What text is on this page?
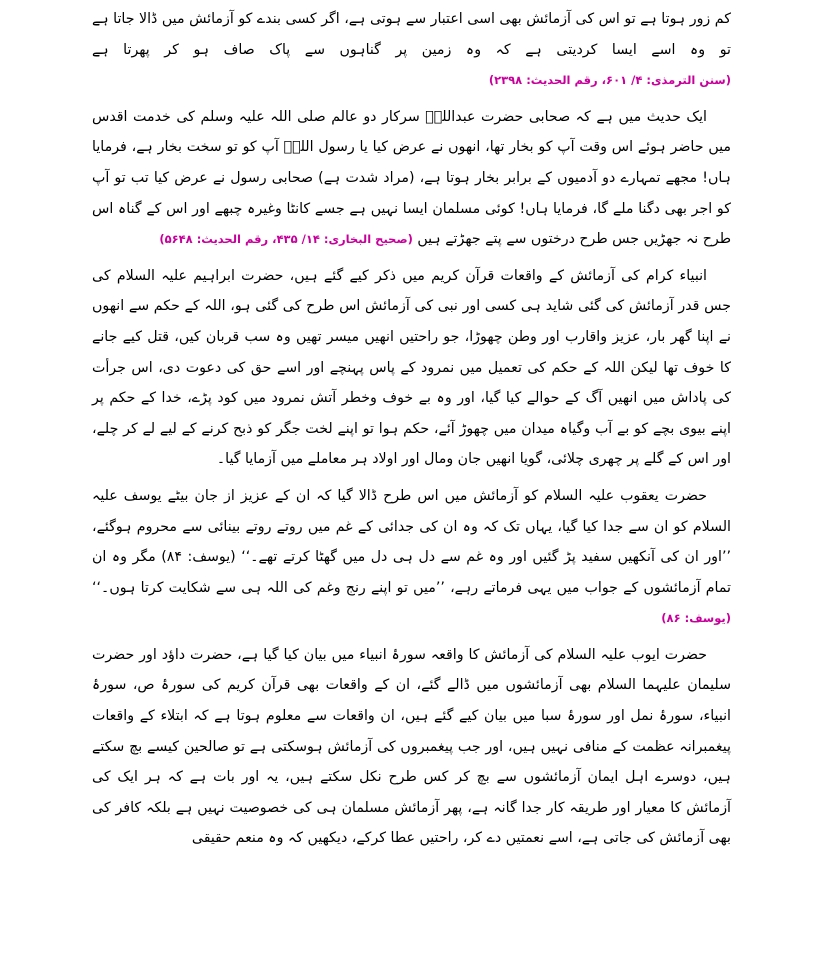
کم زور ہوتا ہے تو اس کی آزمائش بھی اسی اعتبار سے ہوتی ہے، اگر کسی بندے کو آزمائش میں ڈالا جاتا ہے تو وہ اسے ایسا کردیتی ہے کہ وہ زمین پر گناہوں سے پاک صاف ہو کر پھرتا ہے (سنن الترمذی: ۴/ ۶۰۱، رقم الحدیث: ۲۳۹۸)

ایک حدیث میں ہے کہ صحابی حضرت عبداللہؓ سرکار دو عالم صلی اللہ علیہ وسلم کی خدمت اقدس میں حاضر ہوئے اس وقت آپ کو بخار تھا، انھوں نے عرض کیا یا رسول اللہؐ آپ کو تو سخت بخار ہے، فرمایا ہاں! مجھے تمہارے دو آدمیوں کے برابر بخار ہوتا ہے، (مراد شدت ہے) صحابی رسول نے عرض کیا تب تو آپ کو اجر بھی دگنا ملے گا، فرمایا ہاں! کوئی مسلمان ایسا نہیں ہے جسے کانٹا وغیرہ چبھے اور اس کے گناہ اس طرح نہ جھڑیں جس طرح درختوں سے پتے جھڑتے ہیں (صحیح البخاری: ۱۴/ ۴۳۵، رقم الحدیث: ۵۶۴۸)

انبیاء کرام کی آزمائش کے واقعات قرآن کریم میں ذکر کیے گئے ہیں، حضرت ابراہیم علیہ السلام کی جس قدر آزمائش کی گئی شاید ہی کسی اور نبی کی آزمائش اس طرح کی گئی ہو، اللہ کے حکم سے انھوں نے اپنا گھر بار، عزیز واقارب اور وطن چھوڑا، جو راحتیں انھیں میسر تھیں وہ سب قربان کیں، قتل کیے جانے کا خوف تھا لیکن اللہ کے حکم کی تعمیل میں نمرود کے پاس پہنچے اور اسے حق کی دعوت دی، اس جرأت کی پاداش میں انھیں آگ کے حوالے کیا گیا، اور وہ بے خوف وخطر آتش نمرود میں کود پڑے، خدا کے حکم پر اپنے بیوی بچے کو بے آب وگیاہ میدان میں چھوڑ آئے، حکم ہوا تو اپنے لخت جگر کو ذبح کرنے کے لیے لے کر چلے، اور اس کے گلے پر چھری چلائی، گویا انھیں جان ومال اور اولاد ہر معاملے میں آزمایا گیا۔

حضرت یعقوب علیہ السلام کو آزمائش میں اس طرح ڈالا گیا کہ ان کے عزیز از جان بیٹے یوسف علیہ السلام کو ان سے جدا کیا گیا، یہاں تک کہ وہ ان کی جدائی کے غم میں روتے روتے بینائی سے محروم ہوگئے، ’’اور ان کی آنکھیں سفید پڑ گئیں اور وہ غم سے دل ہی دل میں گھٹا کرتے تھے۔‘‘ (یوسف: ۸۴) مگر وہ ان تمام آزمائشوں کے جواب میں یہی فرماتے رہے، ’’میں تو اپنے رنج وغم کی اللہ ہی سے شکایت کرتا ہوں۔‘‘ (یوسف: ۸۶)

حضرت ایوب علیہ السلام کی آزمائش کا واقعہ سورۂ انبیاء میں بیان کیا گیا ہے، حضرت داؤد اور حضرت سلیمان علیہما السلام بھی آزمائشوں میں ڈالے گئے، ان کے واقعات بھی قرآن کریم کی سورۂ ص، سورۂ انبیاء، سورۂ نمل اور سورۂ سبا میں بیان کیے گئے ہیں، ان واقعات سے معلوم ہوتا ہے کہ ابتلاء کے واقعات پیغمبرانہ عظمت کے منافی نہیں ہیں، اور جب پیغمبروں کی آزمائش ہوسکتی ہے تو صالحین کیسے بچ سکتے ہیں، دوسرے اہل ایمان آزمائشوں سے بچ کر کس طرح نکل سکتے ہیں، یہ اور بات ہے کہ ہر ایک کی آزمائش کا معیار اور طریقہ کار جدا گانہ ہے، پھر آزمائش مسلمان ہی کی خصوصیت نہیں ہے بلکہ کافر کی بھی آزمائش کی جاتی ہے، اسے نعمتیں دے کر، راحتیں عطا کرکے، دیکھیں کہ وہ منعم حقیقی
